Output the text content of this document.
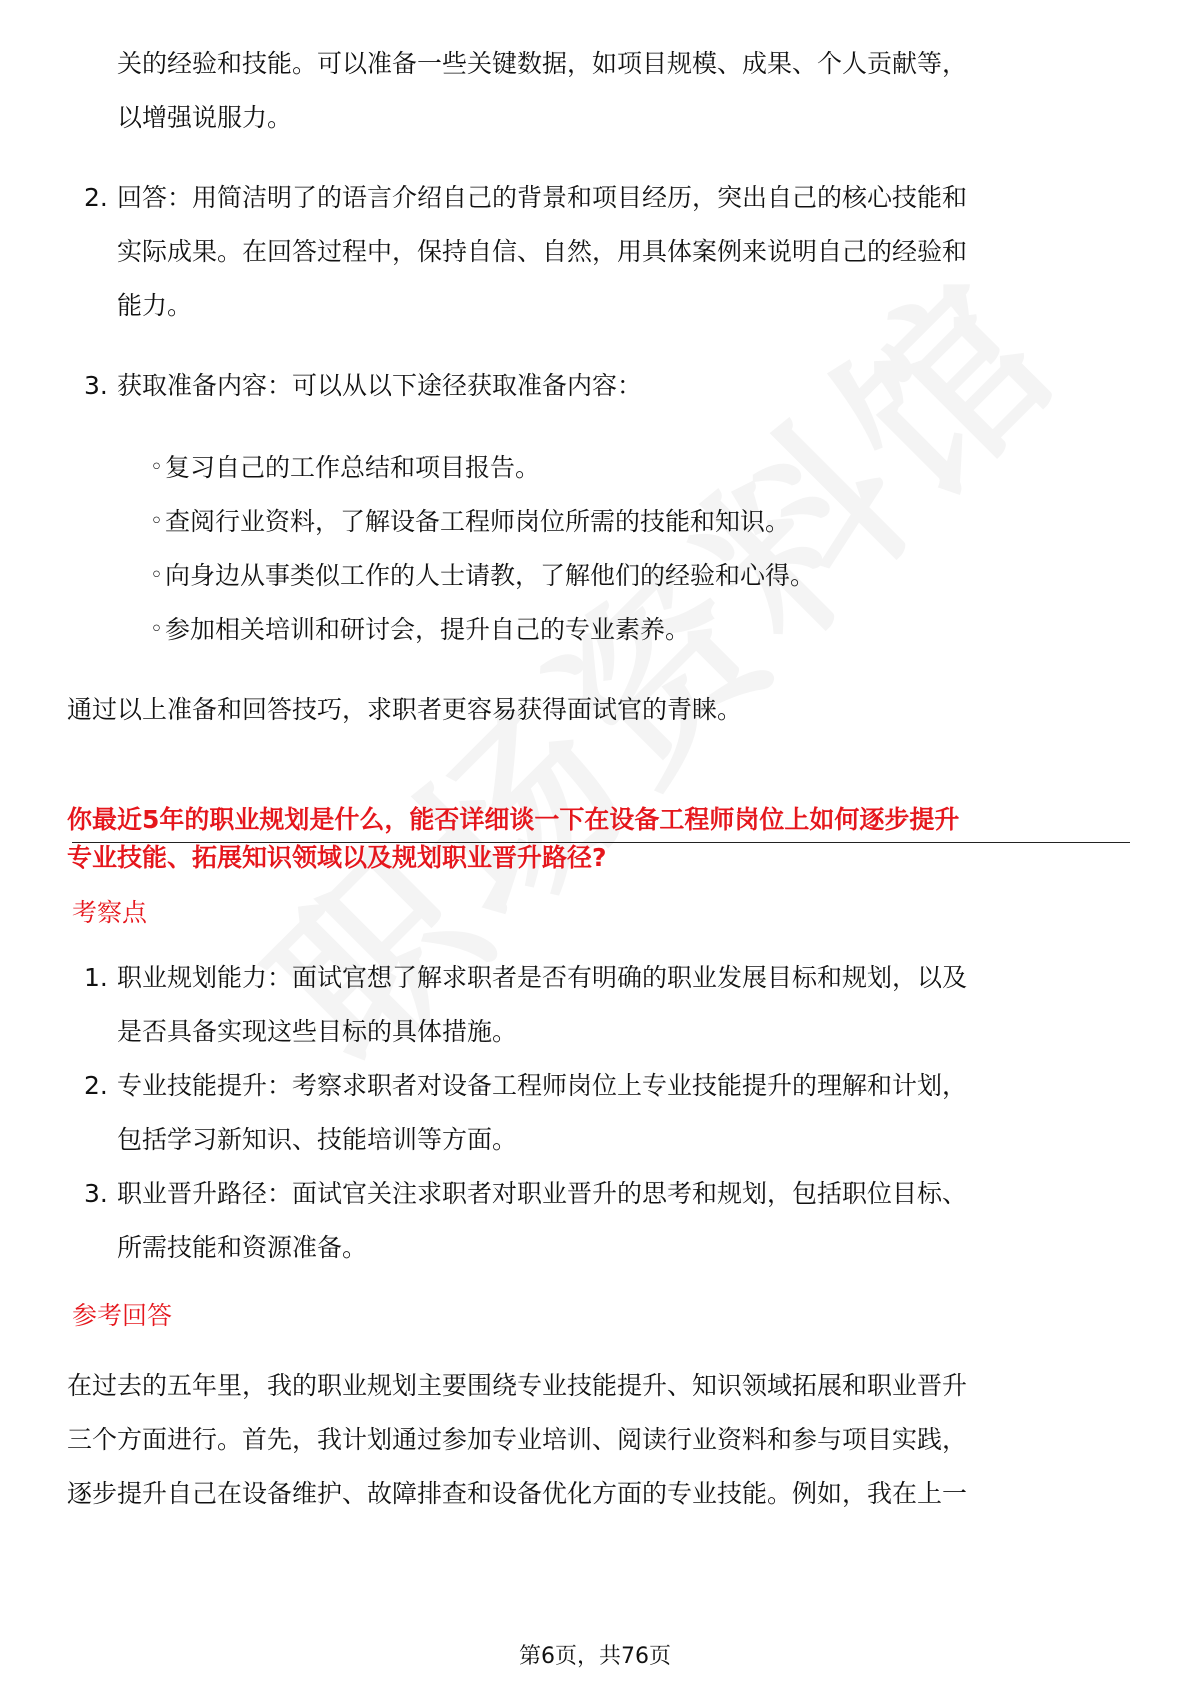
关的经验和技能。可以准备一些关键数据，如项目规模、成果、个人贡献等，
以增强说服力。
2. 回答：用简洁明了的语言介绍自己的背景和项目经历，突出自己的核心技能和
实际成果。在回答过程中，保持自信、自然，用具体案例来说明自己的经验和
能力。
3. 获取准备内容：可以从以下途径获取准备内容：
◦ 复习自己的工作总结和项目报告。
◦ 查阅行业资料，了解设备工程师岗位所需的技能和知识。
◦ 向身边从事类似工作的人士请教，了解他们的经验和心得。
◦ 参加相关培训和研讨会，提升自己的专业素养。
通过以上准备和回答技巧，求职者更容易获得面试官的青睐。
你最近5年的职业规划是什么，能否详细谈一下在设备工程师岗位上如何逐步提升
专业技能、拓展知识领域以及规划职业晋升路径?
考察点
1. 职业规划能力：面试官想了解求职者是否有明确的职业发展目标和规划，以及
是否具备实现这些目标的具体措施。
2. 专业技能提升：考察求职者对设备工程师岗位上专业技能提升的理解和计划，
包括学习新知识、技能培训等方面。
3. 职业晋升路径：面试官关注求职者对职业晋升的思考和规划，包括职位目标、
所需技能和资源准备。
参考回答
在过去的五年里，我的职业规划主要围绕专业技能提升、知识领域拓展和职业晋升
三个方面进行。首先，我计划通过参加专业培训、阅读行业资料和参与项目实践，
逐步提升自己在设备维护、故障排查和设备优化方面的专业技能。例如，我在上一
第6页，共76页
